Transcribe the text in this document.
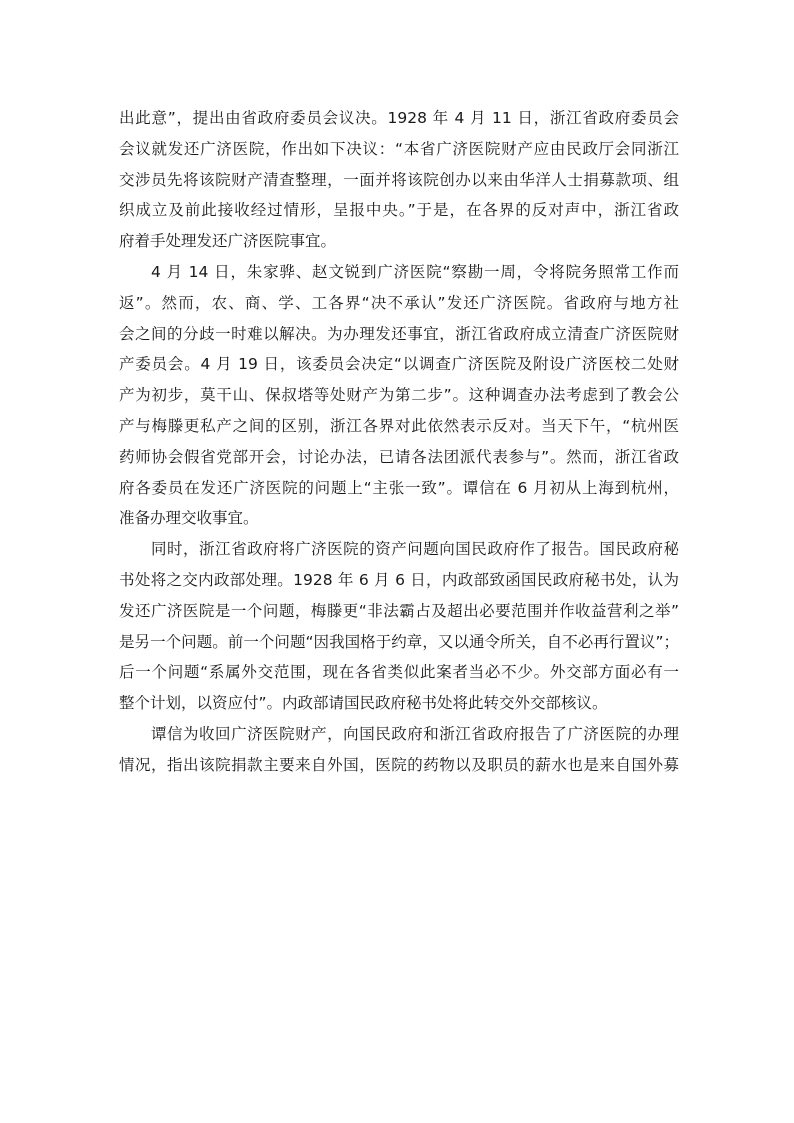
出此意”，提出由省政府委员会议决。1928 年 4 月 11 日，浙江省政府委员会
会议就发还广济医院，作出如下决议：“本省广济医院财产应由民政厅会同浙江
交涉员先将该院财产清查整理，一面并将该院创办以来由华洋人士捐募款项、组
织成立及前此接收经过情形，呈报中央。”于是，在各界的反对声中，浙江省政
府着手处理发还广济医院事宜。
4 月 14 日，朱家骅、赵文锐到广济医院“察勘一周，令将院务照常工作而
返”。然而，农、商、学、工各界“决不承认”发还广济医院。省政府与地方社
会之间的分歧一时难以解决。为办理发还事宜，浙江省政府成立清查广济医院财
产委员会。4 月 19 日，该委员会决定“以调查广济医院及附设广济医校二处财
产为初步，莫干山、保叔塔等处财产为第二步”。这种调查办法考虑到了教会公
产与梅滕更私产之间的区别，浙江各界对此依然表示反对。当天下午，“杭州医
药师协会假省党部开会，讨论办法，已请各法团派代表参与”。然而，浙江省政
府各委员在发还广济医院的问题上“主张一致”。谭信在 6 月初从上海到杭州，
准备办理交收事宜。
同时，浙江省政府将广济医院的资产问题向国民政府作了报告。国民政府秘
书处将之交内政部处理。1928 年 6 月 6 日，内政部致函国民政府秘书处，认为
发还广济医院是一个问题，梅滕更“非法霸占及超出必要范围并作收益营利之举”
是另一个问题。前一个问题“因我国格于约章，又以通令所关，自不必再行置议”；
后一个问题“系属外交范围，现在各省类似此案者当必不少。外交部方面必有一
整个计划，以资应付”。内政部请国民政府秘书处将此转交外交部核议。
谭信为收回广济医院财产，向国民政府和浙江省政府报告了广济医院的办理
情况，指出该院捐款主要来自外国，医院的药物以及职员的薪水也是来自国外募
